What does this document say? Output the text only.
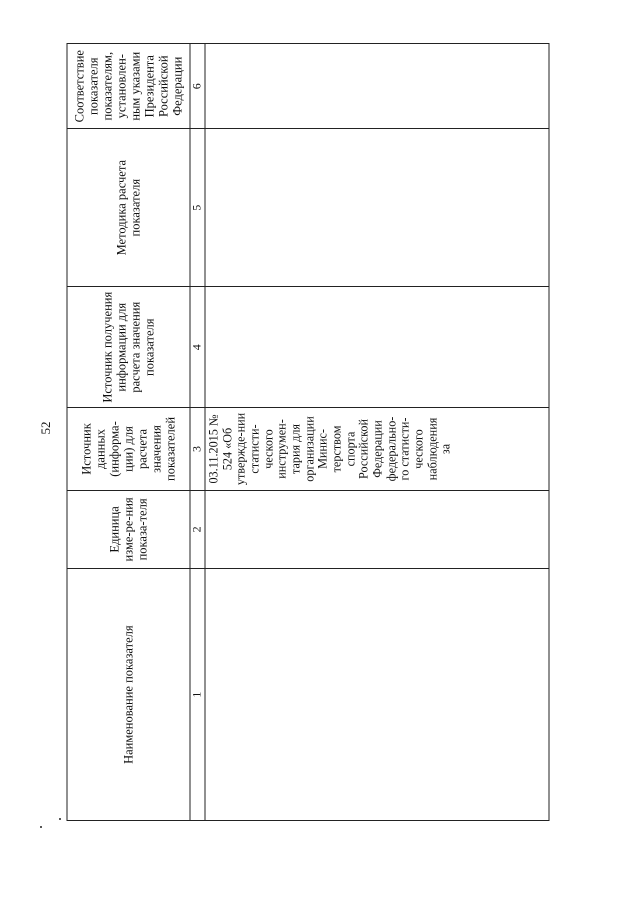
52
Наименование показателя	Единица изме-ре-ния показа-теля	Источник данных (информа-ции) для расчета значения показателей	Источник получения информации для расчета значения показателя	Методика расчета показателя	Соответствие показателя показателям, установлен-ным указами Президента Российской Федерации
1	2	3	4	5	6
		03.11.2015 № 524 «Об утвержде-нии статисти-ческого инструмен-тария для организации Минис-терством спорта Российской Федерации федерально-го статисти-ческого наблюдения за			
